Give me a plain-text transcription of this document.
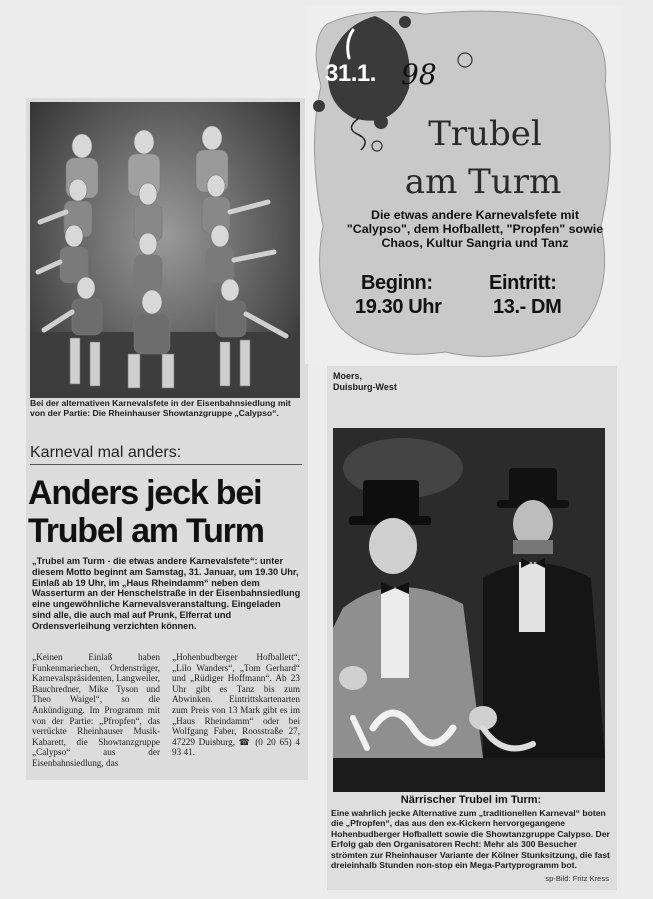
Bei der alternativen Karnevalsfete in der Eisenbahnsiedlung mit von der Partie: Die Rheinhauser Showtanzgruppe „Calypso“.
Karneval mal anders:
Anders jeck bei
Trubel am Turm
„Trubel am Turm - die etwas andere Karnevalsfete“: unter diesem Motto beginnt am Samstag, 31. Januar, um 19.30 Uhr, Einlaß ab 19 Uhr, im „Haus Rheindamm“ neben dem Wasserturm an der Henschelstraße in der Eisenbahnsiedlung eine ungewöhnliche Karnevalsveranstaltung. Eingeladen sind alle, die auch mal auf Prunk, Elferrat und Ordensverleihung verzichten können.
„Keinen Einlaß haben Funkenmariechen, Ordensträger, Karnevalspräsidenten, Langweiler, Bauchredner, Mike Tyson und Theo Waigel“, so die Ankündigung. Im Programm mit von der Partie: „Pfropfen“, das verrückte Rheinhauser Musik-Kabarett, die Showtanzgruppe „Calypso“ aus der Eisenbahnsiedlung, das
„Hohenbudberger Hofballett“, „Lilo Wanders“, „Tom Gerhard“ und „Rüdiger Hoffmann“. Ab 23 Uhr gibt es Tanz bis zum Abwinken. Eintrittskartenarten zum Preis von 13 Mark gibt es im „Haus Rheindamm“ oder bei Wolfgang Faber, Roosstraße 27, 47229 Duisburg, ☎ (0 20 65) 4 93 41.
31.1. 98
Trubel
am Turm
Die etwas andere Karnevalsfete mit "Calypso", dem Hofballett, "Propfen" sowie Chaos, Kultur Sangria und Tanz
Beginn:
19.30 Uhr
Eintritt:
13.- DM
Moers,
Duisburg-West
Närrischer Trubel im Turm:
Eine wahrlich jecke Alternative zum „traditionellen Karneval“ boten die „Pfropfen“, das aus den ex-Kickern hervorgegangene Hohenbudberger Hofballett sowie die Showtanzgruppe Calypso. Der Erfolg gab den Organisatoren Recht: Mehr als 300 Besucher strömten zur Rheinhauser Variante der Kölner Stunksitzung, die fast dreieinhalb Stunden non-stop ein Mega-Partyprogramm bot.
sp-Bild: Fritz Kress
